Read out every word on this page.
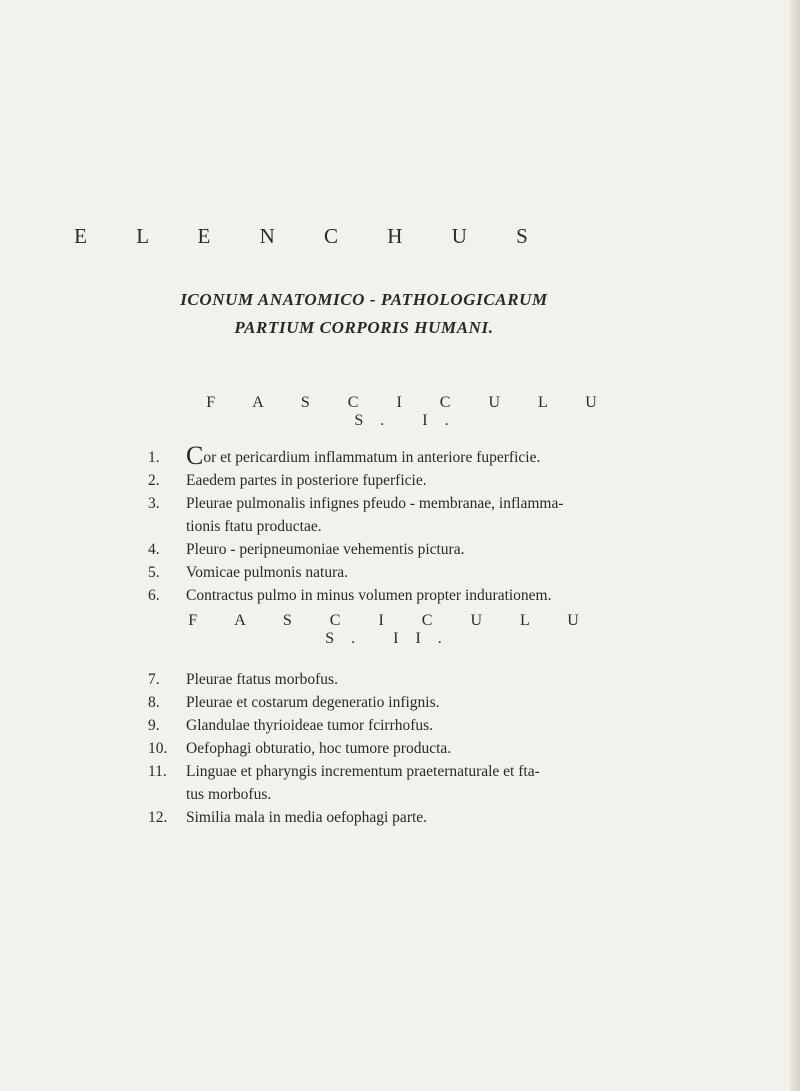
E L E N C H U S
ICONUM ANATOMICO - PATHOLOGICARUM
PARTIUM CORPORIS HUMANI.
F A S C I C U L U S. I.
1.	Cor et pericardium inflammatum in anteriore fuperficie.
2.	Eaedem partes in posteriore fuperficie.
3.	Pleurae pulmonalis infignes pfeudo - membranae, inflamma-
tionis ftatu productae.
4.	Pleuro - peripneumoniae vehementis pictura.
5.	Vomicae pulmonis natura.
6.	Contractus pulmo in minus volumen propter indurationem.
F A S C I C U L U S. II.
7.	Pleurae ftatus morbofus.
8.	Pleurae et costarum degeneratio infignis.
9.	Glandulae thyrioideae tumor fcirrhofus.
10.	Oefophagi obturatio, hoc tumore producta.
11.	Linguae et pharyngis incrementum praeternaturale et fta-
tus morbofus.
12.	Similia mala in media oefophagi parte.
